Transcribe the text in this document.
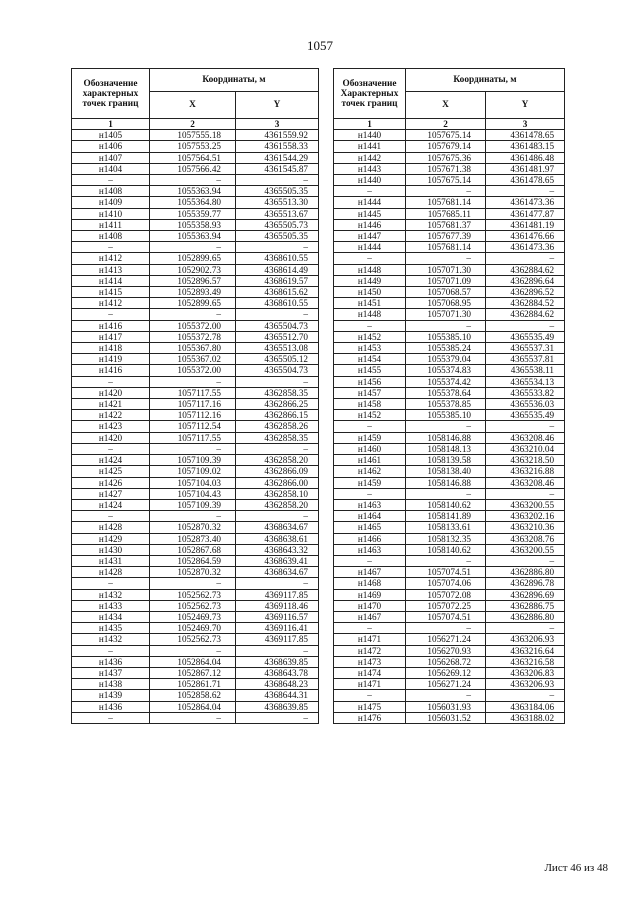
1057
Обозначение характерных точек границ	Координаты, м	
	X	Y
1	2	3
н1405	1057555.18	4361559.92
н1406	1057553.25	4361558.33
н1407	1057564.51	4361544.29
н1404	1057566.42	4361545.87
–	–	–
н1408	1055363.94	4365505.35
н1409	1055364.80	4365513.30
н1410	1055359.77	4365513.67
н1411	1055358.93	4365505.73
н1408	1055363.94	4365505.35
–	–	–
н1412	1052899.65	4368610.55
н1413	1052902.73	4368614.49
н1414	1052896.57	4368619.57
н1415	1052893.49	4368615.62
н1412	1052899.65	4368610.55
–	–	–
н1416	1055372.00	4365504.73
н1417	1055372.78	4365512.70
н1418	1055367.80	4365513.08
н1419	1055367.02	4365505.12
н1416	1055372.00	4365504.73
–	–	–
н1420	1057117.55	4362858.35
н1421	1057117.16	4362866.25
н1422	1057112.16	4362866.15
н1423	1057112.54	4362858.26
н1420	1057117.55	4362858.35
–	–	–
н1424	1057109.39	4362858.20
н1425	1057109.02	4362866.09
н1426	1057104.03	4362866.00
н1427	1057104.43	4362858.10
н1424	1057109.39	4362858.20
–	–	–
н1428	1052870.32	4368634.67
н1429	1052873.40	4368638.61
н1430	1052867.68	4368643.32
н1431	1052864.59	4368639.41
н1428	1052870.32	4368634.67
–	–	–
н1432	1052562.73	4369117.85
н1433	1052562.73	4369118.46
н1434	1052469.73	4369116.57
н1435	1052469.70	4369116.41
н1432	1052562.73	4369117.85
–	–	–
н1436	1052864.04	4368639.85
н1437	1052867.12	4368643.78
н1438	1052861.71	4368648.23
н1439	1052858.62	4368644.31
н1436	1052864.04	4368639.85
–	–	–
Обозначение Характерных точек границ	Координаты, м	
	X	Y
1	2	3
н1440	1057675.14	4361478.65
н1441	1057679.14	4361483.15
н1442	1057675.36	4361486.48
н1443	1057671.38	4361481.97
н1440	1057675.14	4361478.65
–	–	–
н1444	1057681.14	4361473.36
н1445	1057685.11	4361477.87
н1446	1057681.37	4361481.19
н1447	1057677.39	4361476.66
н1444	1057681.14	4361473.36
–	–	–
н1448	1057071.30	4362884.62
н1449	1057071.09	4362896.64
н1450	1057068.57	4362896.52
н1451	1057068.95	4362884.52
н1448	1057071.30	4362884.62
–	–	–
н1452	1055385.10	4365535.49
н1453	1055385.24	4365537.31
н1454	1055379.04	4365537.81
н1455	1055374.83	4365538.11
н1456	1055374.42	4365534.13
н1457	1055378.64	4365533.82
н1458	1055378.85	4365536.03
н1452	1055385.10	4365535.49
–	–	–
н1459	1058146.88	4363208.46
н1460	1058148.13	4363210.04
н1461	1058139.58	4363218.50
н1462	1058138.40	4363216.88
н1459	1058146.88	4363208.46
–	–	–
н1463	1058140.62	4363200.55
н1464	1058141.89	4363202.16
н1465	1058133.61	4363210.36
н1466	1058132.35	4363208.76
н1463	1058140.62	4363200.55
–	–	–
н1467	1057074.51	4362886.80
н1468	1057074.06	4362896.78
н1469	1057072.08	4362896.69
н1470	1057072.25	4362886.75
н1467	1057074.51	4362886.80
–	–	–
н1471	1056271.24	4363206.93
н1472	1056270.93	4363216.64
н1473	1056268.72	4363216.58
н1474	1056269.12	4363206.83
н1471	1056271.24	4363206.93
–	–	–
н1475	1056031.93	4363184.06
н1476	1056031.52	4363188.02
Лист 46 из 48
